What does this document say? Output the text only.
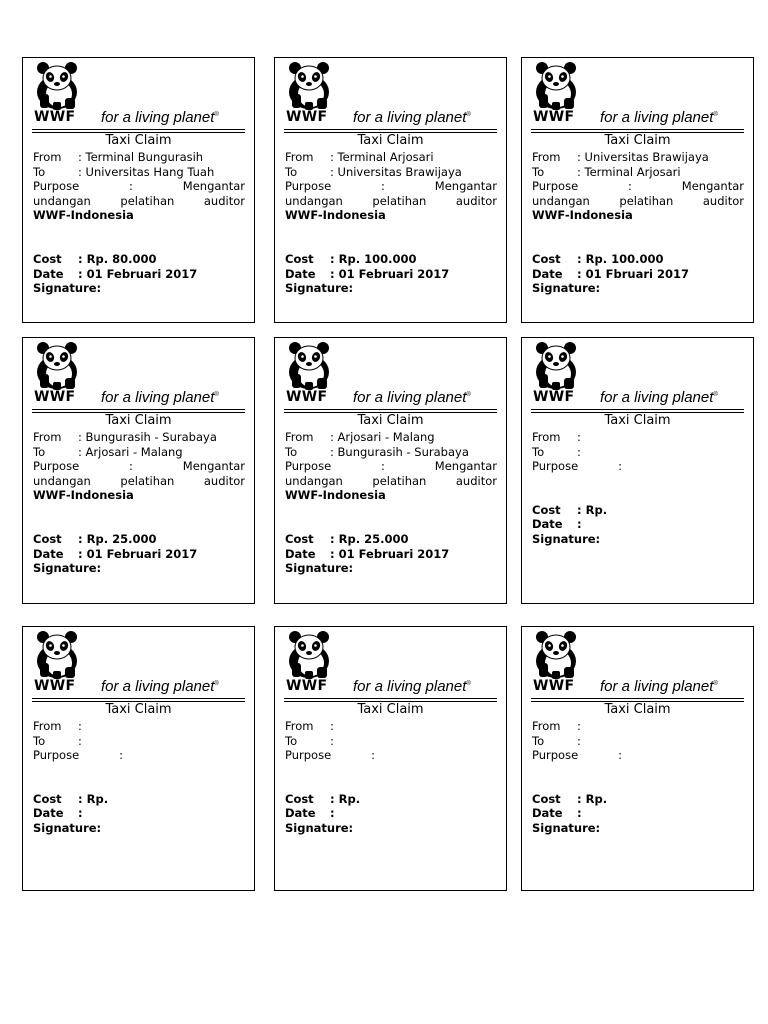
WWF for a living planet®
Taxi Claim
From	:
Terminal Bungurasih
To	:
Universitas Hang Tuah
Purpose	:	Mengantar
undangan pelatihan auditor
WWF-Indonesia
Cost	:
Rp. 80.000
Date	:
01 Februari 2017
Signature:
WWF for a living planet®
Taxi Claim
From	:
Terminal Arjosari
To	:
Universitas Brawijaya
Purpose	:	Mengantar
undangan pelatihan auditor
WWF-Indonesia
Cost	:
Rp. 100.000
Date	:
01 Februari 2017
Signature:
WWF for a living planet®
Taxi Claim
From	:
Universitas Brawijaya
To	:
Terminal Arjosari
Purpose	:	Mengantar
undangan pelatihan auditor
WWF-Indonesia
Cost	:
Rp. 100.000
Date	:
01 Fbruari 2017
Signature:
WWF for a living planet®
Taxi Claim
From	:
Bungurasih - Surabaya
To	:
Arjosari - Malang
Purpose	:	Mengantar
undangan pelatihan auditor
WWF-Indonesia
Cost	:
Rp. 25.000
Date	:
01 Februari 2017
Signature:
WWF for a living planet®
Taxi Claim
From	:
Arjosari - Malang
To	:
Bungurasih - Surabaya
Purpose	:	Mengantar
undangan pelatihan auditor
WWF-Indonesia
Cost	:
Rp. 25.000
Date	:
01 Februari 2017
Signature:
WWF for a living planet®
Taxi Claim
From	:

To	:

Purpose	:
Cost	:
Rp.
Date	:

Signature:
WWF for a living planet®
Taxi Claim
From	:

To	:

Purpose	:
Cost	:
Rp.
Date	:

Signature:
WWF for a living planet®
Taxi Claim
From	:

To	:

Purpose	:
Cost	:
Rp.
Date	:

Signature:
WWF for a living planet®
Taxi Claim
From	:

To	:

Purpose	:
Cost	:
Rp.
Date	:

Signature:
